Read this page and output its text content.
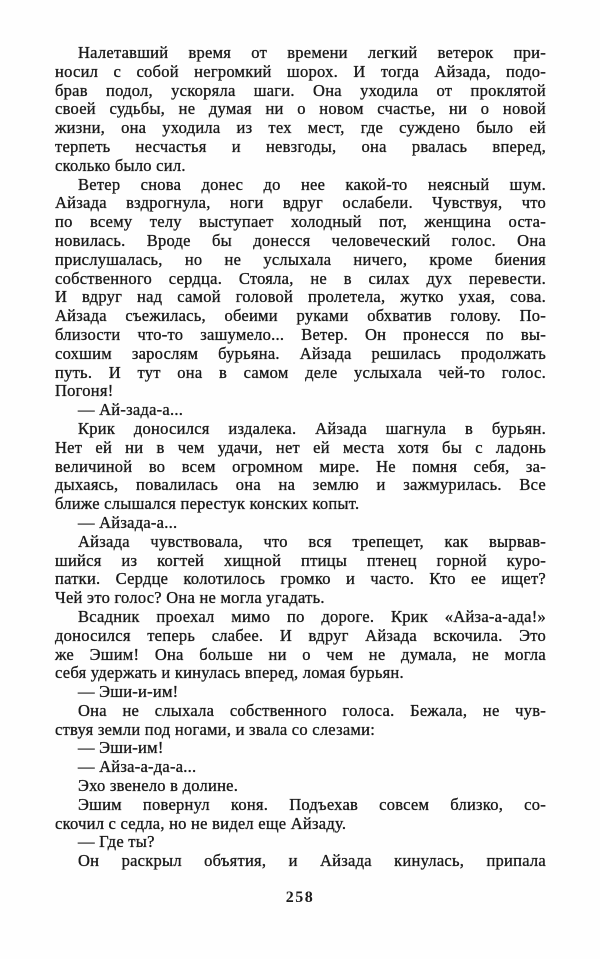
Налетавший время от времени легкий ветерок при-
носил с собой негромкий шорох. И тогда Айзада, подо-
брав подол, ускоряла шаги. Она уходила от проклятой
своей судьбы, не думая ни о новом счастье, ни о новой
жизни, она уходила из тех мест, где суждено было ей
терпеть несчастья и невзгоды, она рвалась вперед,
сколько было сил.
Ветер снова донес до нее какой-то неясный шум.
Айзада вздрогнула, ноги вдруг ослабели. Чувствуя, что
по всему телу выступает холодный пот, женщина оста-
новилась. Вроде бы донесся человеческий голос. Она
прислушалась, но не услыхала ничего, кроме биения
собственного сердца. Стояла, не в силах дух перевести.
И вдруг над самой головой пролетела, жутко ухая, сова.
Айзада съежилась, обеими руками обхватив голову. По-
близости что-то зашумело... Ветер. Он пронесся по вы-
сохшим зарослям бурьяна. Айзада решилась продолжать
путь. И тут она в самом деле услыхала чей-то голос.
Погоня!
— Ай-зада-а...
Крик доносился издалека. Айзада шагнула в бурьян.
Нет ей ни в чем удачи, нет ей места хотя бы с ладонь
величиной во всем огромном мире. Не помня себя, за-
дыхаясь, повалилась она на землю и зажмурилась. Все
ближе слышался перестук конских копыт.
— Айзада-а...
Айзада чувствовала, что вся трепещет, как вырвав-
шийся из когтей хищной птицы птенец горной куро-
патки. Сердце колотилось громко и часто. Кто ее ищет?
Чей это голос? Она не могла угадать.
Всадник проехал мимо по дороге. Крик «Айза-а-ада!»
доносился теперь слабее. И вдруг Айзада вскочила. Это
же Эшим! Она больше ни о чем не думала, не могла
себя удержать и кинулась вперед, ломая бурьян.
— Эши-и-им!
Она не слыхала собственного голоса. Бежала, не чув-
ствуя земли под ногами, и звала со слезами:
— Эши-им!
— Айза-а-да-а...
Эхо звенело в долине.
Эшим повернул коня. Подъехав совсем близко, со-
скочил с седла, но не видел еще Айзаду.
— Где ты?
Он раскрыл объятия, и Айзада кинулась, припала
258
